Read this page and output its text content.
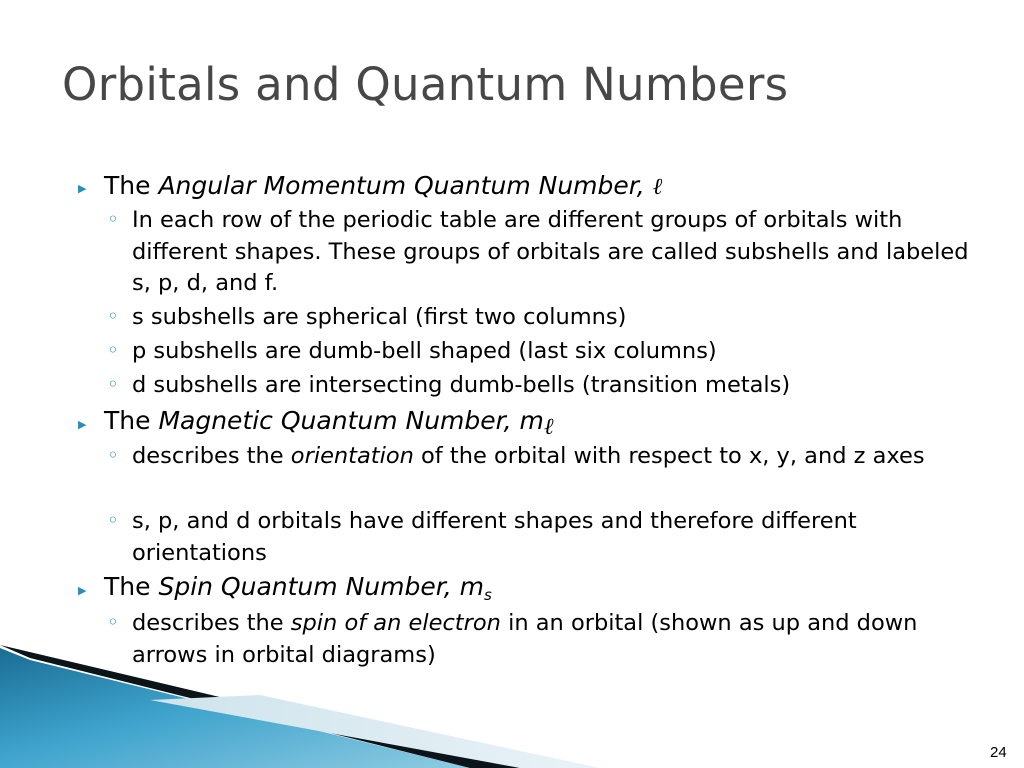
Orbitals and Quantum Numbers
▶
The Angular Momentum Quantum Number, ℓ
◦ In each row of the periodic table are different groups of orbitals with different shapes. These groups of orbitals are called subshells and labeled s, p, d, and f.
◦ s subshells are spherical (first two columns)
◦ p subshells are dumb-bell shaped (last six columns)
◦ d subshells are intersecting dumb-bells (transition metals)
▶
The Magnetic Quantum Number, mℓ
◦ describes the orientation of the orbital with respect to x, y, and z axes
◦ s, p, and d orbitals have different shapes and therefore different orientations
▶
The Spin Quantum Number, $m_s$
◦ describes the spin of an electron in an orbital (shown as up and down arrows in orbital diagrams)
24
